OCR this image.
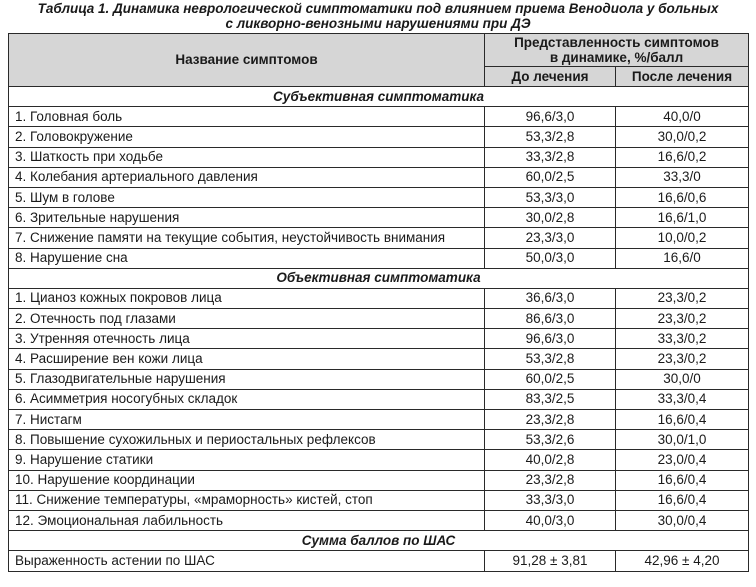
Таблица 1. Динамика неврологической симптоматики под влиянием приема Венодиола у больных
с ликворно-венозными нарушениями при ДЭ
Название симптомов	Представленность симптомов
в динамике, %/балл	

	До лечения	После лечения
Субъективная симптоматика		
1. Головная боль	96,6/3,0	40,0/0
2. Головокружение	53,3/2,8	30,0/0,2
3. Шаткость при ходьбе	33,3/2,8	16,6/0,2
4. Колебания артериального давления	60,0/2,5	33,3/0
5. Шум в голове	53,3/3,0	16,6/0,6
6. Зрительные нарушения	30,0/2,8	16,6/1,0
7. Снижение памяти на текущие события, неустойчивость внимания	23,3/3,0	10,0/0,2
8. Нарушение сна	50,0/3,0	16,6/0
Объективная симптоматика		
1. Цианоз кожных покровов лица	36,6/3,0	23,3/0,2
2. Отечность под глазами	86,6/3,0	23,3/0,2
3. Утренняя отечность лица	96,6/3,0	33,3/0,2
4. Расширение вен кожи лица	53,3/2,8	23,3/0,2
5. Глазодвигательные нарушения	60,0/2,5	30,0/0
6. Асимметрия носогубных складок	83,3/2,5	33,3/0,4
7. Нистагм	23,3/2,8	16,6/0,4
8. Повышение сухожильных и периостальных рефлексов	53,3/2,6	30,0/1,0
9. Нарушение статики	40,0/2,8	23,0/0,4
10. Нарушение координации	23,3/2,8	16,6/0,4
11. Снижение температуры, «мраморность» кистей, стоп	33,3/3,0	16,6/0,4
12. Эмоциональная лабильность	40,0/3,0	30,0/0,4
Сумма баллов по ШАС		
Выраженность астении по ШАС	91,28 ± 3,81	42,96 ± 4,20
